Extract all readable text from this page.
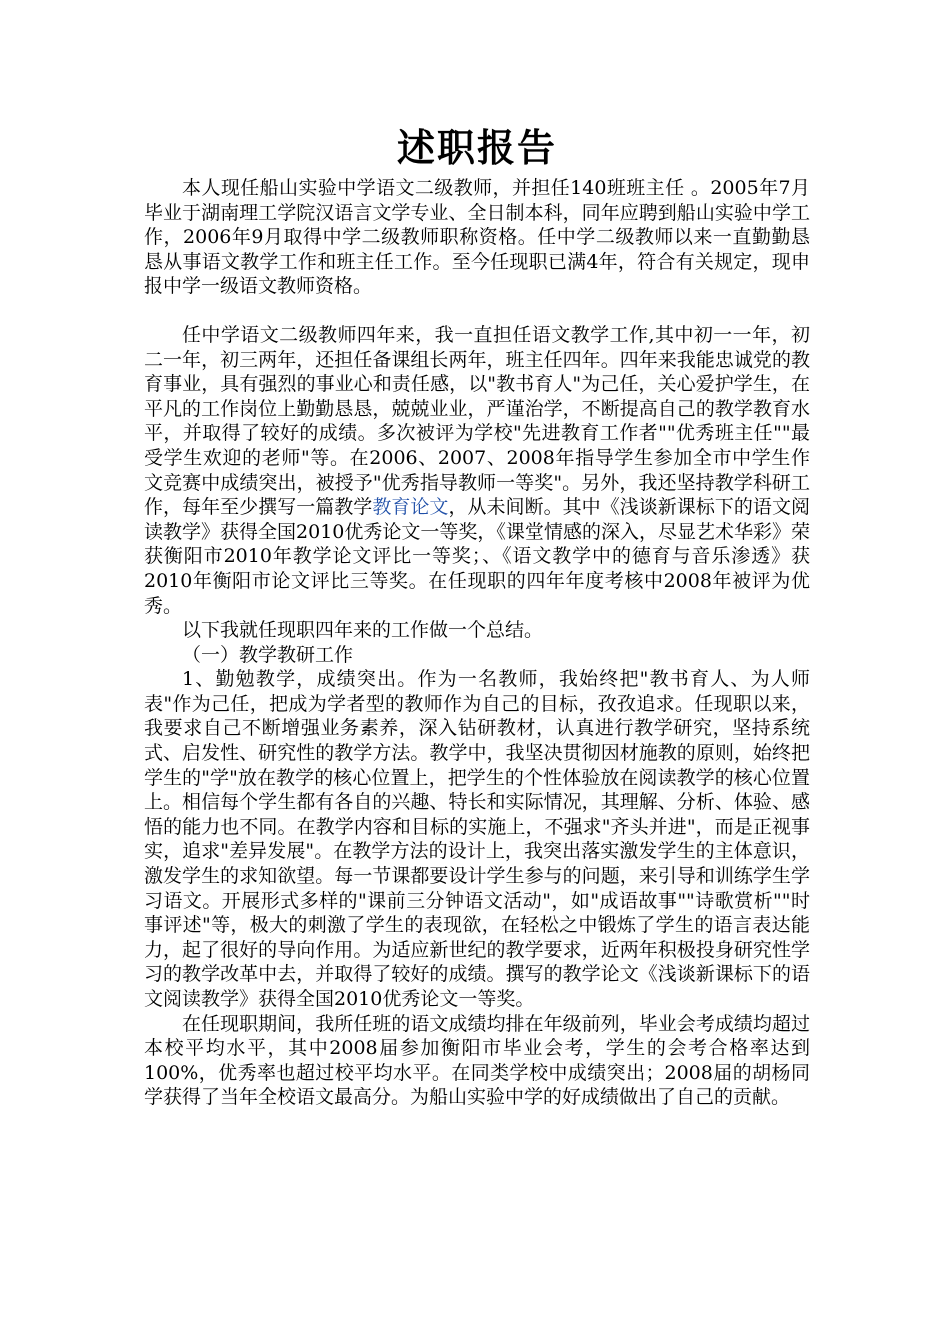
述职报告

本人现任船山实验中学语文二级教师，并担任140班班主任 。2005年7月毕业于湖南理工学院汉语言文学专业、全日制本科，同年应聘到船山实验中学工作，2006年9月取得中学二级教师职称资格。任中学二级教师以来一直勤勤恳恳从事语文教学工作和班主任工作。至今任现职已满4年，符合有关规定，现申报中学一级语文教师资格。

任中学语文二级教师四年来，我一直担任语文教学工作,其中初一一年，初二一年，初三两年，还担任备课组长两年，班主任四年。四年来我能忠诚党的教育事业，具有强烈的事业心和责任感，以"教书育人"为己任，关心爱护学生，在平凡的工作岗位上勤勤恳恳，兢兢业业，严谨治学，不断提高自己的教学教育水平，并取得了较好的成绩。多次被评为学校"先进教育工作者""优秀班主任""最受学生欢迎的老师"等。在2006、2007、2008年指导学生参加全市中学生作文竞赛中成绩突出，被授予"优秀指导教师一等奖"。另外，我还坚持教学科研工作，每年至少撰写一篇教学教育论文，从未间断。其中《浅谈新课标下的语文阅读教学》获得全国2010优秀论文一等奖，《课堂情感的深入，尽显艺术华彩》荣获衡阳市2010年教学论文评比一等奖；、《语文教学中的德育与音乐渗透》获2010年衡阳市论文评比三等奖。在任现职的四年年度考核中2008年被评为优秀。

以下我就任现职四年来的工作做一个总结。

（一）教学教研工作

1、勤勉教学，成绩突出。作为一名教师，我始终把"教书育人、为人师表"作为己任，把成为学者型的教师作为自己的目标，孜孜追求。任现职以来，我要求自己不断增强业务素养，深入钻研教材，认真进行教学研究，坚持系统式、启发性、研究性的教学方法。教学中，我坚决贯彻因材施教的原则，始终把学生的"学"放在教学的核心位置上，把学生的个性体验放在阅读教学的核心位置上。相信每个学生都有各自的兴趣、特长和实际情况，其理解、分析、体验、感悟的能力也不同。在教学内容和目标的实施上，不强求"齐头并进"，而是正视事实，追求"差异发展"。在教学方法的设计上，我突出落实激发学生的主体意识，激发学生的求知欲望。每一节课都要设计学生参与的问题，来引导和训练学生学习语文。开展形式多样的"课前三分钟语文活动"，如"成语故事""诗歌赏析""时事评述"等，极大的刺激了学生的表现欲，在轻松之中锻炼了学生的语言表达能力，起了很好的导向作用。为适应新世纪的教学要求，近两年积极投身研究性学习的教学改革中去，并取得了较好的成绩。撰写的教学论文《浅谈新课标下的语文阅读教学》获得全国2010优秀论文一等奖。

在任现职期间，我所任班的语文成绩均排在年级前列，毕业会考成绩均超过本校平均水平，其中2008届参加衡阳市毕业会考，学生的会考合格率达到100%，优秀率也超过校平均水平。在同类学校中成绩突出；2008届的胡杨同学获得了当年全校语文最高分。为船山实验中学的好成绩做出了自己的贡献。
